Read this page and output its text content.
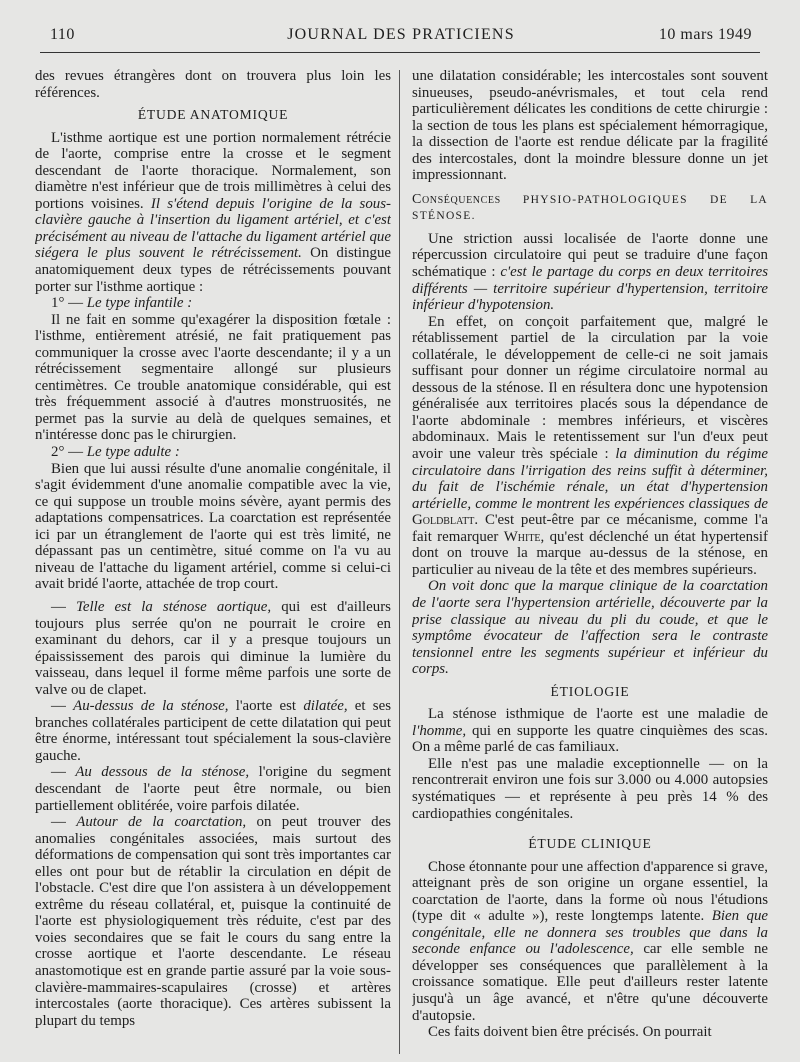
110	JOURNAL DES PRATICIENS	10 mars 1949

des revues étrangères dont on trouvera plus loin les références.

ÉTUDE ANATOMIQUE

L'isthme aortique est une portion normalement rétrécie de l'aorte, comprise entre la crosse et le segment descendant de l'aorte thoracique. Normalement, son diamètre n'est inférieur que de trois millimètres à celui des portions voisines. Il s'étend depuis l'origine de la sous-clavière gauche à l'insertion du ligament artériel, et c'est précisément au niveau de l'attache du ligament artériel que siégera le plus souvent le rétrécissement. On distingue anatomiquement deux types de rétrécissements pouvant porter sur l'isthme aortique :

1° — Le type infantile :

Il ne fait en somme qu'exagérer la disposition fœtale : l'isthme, entièrement atrésié, ne fait pratiquement pas communiquer la crosse avec l'aorte descendante; il y a un rétrécissement segmentaire allongé sur plusieurs centimètres. Ce trouble anatomique considérable, qui est très fréquemment associé à d'autres monstruosités, ne permet pas la survie au delà de quelques semaines, et n'intéresse donc pas le chirurgien.

2° — Le type adulte :

Bien que lui aussi résulte d'une anomalie congénitale, il s'agit évidemment d'une anomalie compatible avec la vie, ce qui suppose un trouble moins sévère, ayant permis des adaptations compensatrices. La coarctation est représentée ici par un étranglement de l'aorte qui est très limité, ne dépassant pas un centimètre, situé comme on l'a vu au niveau de l'attache du ligament artériel, comme si celui-ci avait bridé l'aorte, attachée de trop court.

— Telle est la sténose aortique, qui est d'ailleurs toujours plus serrée qu'on ne pourrait le croire en examinant du dehors, car il y a presque toujours un épaississement des parois qui diminue la lumière du vaisseau, dans lequel il forme même parfois une sorte de valve ou de clapet.

— Au-dessus de la sténose, l'aorte est dilatée, et ses branches collatérales participent de cette dilatation qui peut être énorme, intéressant tout spécialement la sous-clavière gauche.

— Au dessous de la sténose, l'origine du segment descendant de l'aorte peut être normale, ou bien partiellement oblitérée, voire parfois dilatée.

— Autour de la coarctation, on peut trouver des anomalies congénitales associées, mais surtout des déformations de compensation qui sont très importantes car elles ont pour but de rétablir la circulation en dépit de l'obstacle. C'est dire que l'on assistera à un développement extrême du réseau collatéral, et, puisque la continuité de l'aorte est physiologiquement très réduite, c'est par des voies secondaires que se fait le cours du sang entre la crosse aortique et l'aorte descendante. Le réseau anastomotique est en grande partie assuré par la voie sous-clavière-mammaires-scapulaires (crosse) et artères intercostales (aorte thoracique). Ces artères subissent la plupart du temps

une dilatation considérable; les intercostales sont souvent sinueuses, pseudo-anévrismales, et tout cela rend particulièrement délicates les conditions de cette chirurgie : la section de tous les plans est spécialement hémorragique, la dissection de l'aorte est rendue délicate par la fragilité des intercostales, dont la moindre blessure donne un jet impressionnant.

Conséquences PHYSIO-PATHOLOGIQUES DE LA STÉNOSE.

Une striction aussi localisée de l'aorte donne une répercussion circulatoire qui peut se traduire d'une façon schématique : c'est le partage du corps en deux territoires différents — territoire supérieur d'hypertension, territoire inférieur d'hypotension.

En effet, on conçoit parfaitement que, malgré le rétablissement partiel de la circulation par la voie collatérale, le développement de celle-ci ne soit jamais suffisant pour donner un régime circulatoire normal au dessous de la sténose. Il en résultera donc une hypotension généralisée aux territoires placés sous la dépendance de l'aorte abdominale : membres inférieurs, et viscères abdominaux. Mais le retentissement sur l'un d'eux peut avoir une valeur très spéciale : la diminution du régime circulatoire dans l'irrigation des reins suffit à déterminer, du fait de l'ischémie rénale, un état d'hypertension artérielle, comme le montrent les expériences classiques de Goldblatt. C'est peut-être par ce mécanisme, comme l'a fait remarquer White, qu'est déclenché un état hypertensif dont on trouve la marque au-dessus de la sténose, en particulier au niveau de la tête et des membres supérieurs.

On voit donc que la marque clinique de la coarctation de l'aorte sera l'hypertension artérielle, découverte par la prise classique au niveau du pli du coude, et que le symptôme évocateur de l'affection sera le contraste tensionnel entre les segments supérieur et inférieur du corps.

ÉTIOLOGIE

La sténose isthmique de l'aorte est une maladie de l'homme, qui en supporte les quatre cinquièmes des scas. On a même parlé de cas familiaux.

Elle n'est pas une maladie exceptionnelle — on la rencontrerait environ une fois sur 3.000 ou 4.000 autopsies systématiques — et représente à peu près 14 % des cardiopathies congénitales.

ÉTUDE CLINIQUE

Chose étonnante pour une affection d'apparence si grave, atteignant près de son origine un organe essentiel, la coarctation de l'aorte, dans la forme où nous l'étudions (type dit « adulte »), reste longtemps latente. Bien que congénitale, elle ne donnera ses troubles que dans la seconde enfance ou l'adolescence, car elle semble ne développer ses conséquences que parallèlement à la croissance somatique. Elle peut d'ailleurs rester latente jusqu'à un âge avancé, et n'être qu'une découverte d'autopsie.

Ces faits doivent bien être précisés. On pourrait
